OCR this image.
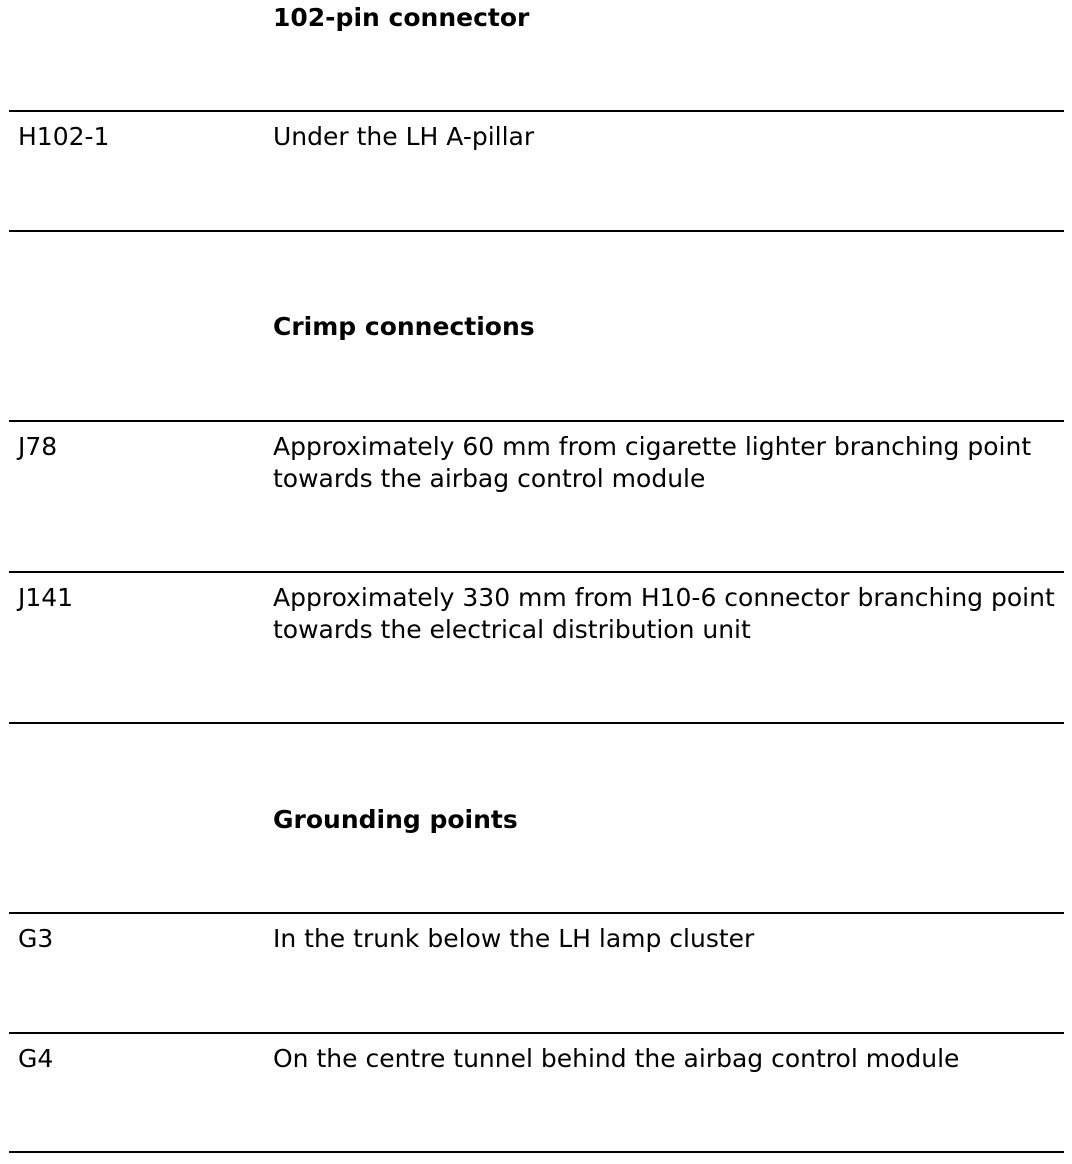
102-pin connector
H102-1	Under the LH A-pillar
Crimp connections
J78	Approximately 60 mm from cigarette lighter branching point towards the airbag control module
J141	Approximately 330 mm from H10-6 connector branching point towards the electrical distribution unit
Grounding points
G3	In the trunk below the LH lamp cluster
G4	On the centre tunnel behind the airbag control module
